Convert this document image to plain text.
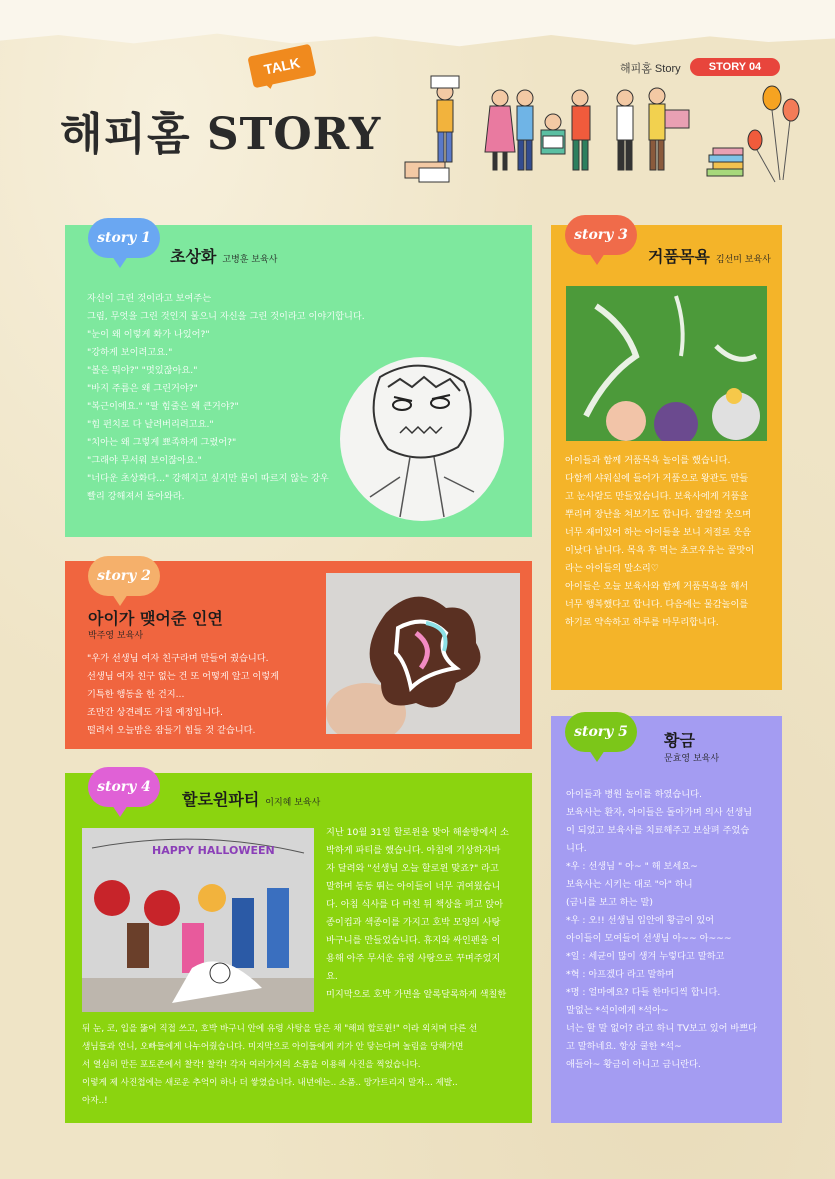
해피홈 Story	STORY 04
TALK
해피홈 STORY
story 1
초상화 고병훈 보육사
자신이 그린 것이라고 보여주는
그림, 무엇을 그린 것인지 물으니 자신을 그린 것이라고 이야기합니다.
"눈이 왜 이렇게 화가 나있어?"
"강하게 보이려고요."
"볼은 뭐야?" "멋있잖아요."
"바지 주름은 왜 그린거야?"
"복근이에요." "팔 힘줄은 왜 큰거야?"
"힘 펀치로 다 날려버리려고요."
"치아는 왜 그렇게 뾰족하게 그렸어?"
"그래야 무서워 보이잖아요."
"너다운 초상화다..." 강해지고 싶지만 몸이 따르지 않는 강우
빨리 강해져서 돌아와라.
story 2
아이가 맺어준 인연
박주영 보육사
"우가 선생님 여자 친구라며 만들어 줬습니다.
선생님 여자 친구 없는 건 또 어떻게 알고 이렇게
기특한 행동을 한 건지...
조만간 상견례도 가질 예정입니다.
떨려서 오늘밤은 잠들기 힘들 것 같습니다.
story 3
거품목욕 김선미 보육사
아이들과 함께 거품목욕 놀이를 했습니다.
다함께 샤워실에 들어가 거품으로 왕관도 만들
고 눈사람도 만들었습니다. 보육사에게 거품을
뿌리며 장난을 쳐보기도 합니다. 깔깔깔 웃으며
너무 재미있어 하는 아이들을 보니 저절로 웃음
이났다 납니다. 목욕 후 먹는 초코우유는 꿀맛이
라는 아이들의 말소리♡
아이들은 오늘 보육사와 함께 거품목욕을 해서
너무 행복했다고 합니다. 다음에는 물감놀이를
하기로 약속하고 하루를 마무리합니다.
story 4
할로윈파티 이지혜 보육사
HAPPY HALLOWEEN
지난 10월 31일 할로윈을 맞아 해솔방에서 소
박하게 파티를 했습니다. 아침에 기상하자마
자 달려와 "선생님 오늘 할로윈 맞죠?" 라고
말하며 동동 뛰는 아이들이 너무 귀여웠습니
다. 아침 식사를 다 마친 뒤 책상을 펴고 앉아
종이컵과 색종이를 가지고 호박 모양의 사탕
바구니를 만들었습니다. 휴지와 싸인펜을 이
용해 아주 무서운 유령 사탕으로 꾸며주었지
요.
미지막으로 호박 가면을 알록달록하게 색칠한
뒤 눈, 코, 입을 뚫어 직접 쓰고, 호박 바구니 안에 유령 사탕을 담은 채 "해피 할로윈!" 이라 외치며 다른 선
생님들과 언니, 오빠들에게 나누어줬습니다. 미지막으로 아이들에게 키가 안 닿는다며 놀림을 당해가면
서 열심히 만든 포토존에서 찰칵! 찰칵! 각자 여러가지의 소품을 이용해 사진을 찍었습니다.
이렇게 제 사진첩에는 새로운 추억이 하나 더 쌓였습니다. 내년에는.. 소품.. 망가트리지 말자... 제발..
아자..!
story 5	황금
문효영 보육사
아이들과 병원 놀이를 하였습니다.
보육사는 환자, 아이들은 돌아가며 의사 선생님
이 되었고 보육사를 치료해주고 보살펴 주었습
니다.
*우 : 선생님 " 아~ " 해 보세요~
보육사는 시키는 대로 "아" 하니
(금니를 보고 하는 말)
*우 : 오!! 선생님 입안에 황금이 있어
아이들이 모여들어 선생님 아~~ 아~~~
*일 : 세균이 많이 생겨 누렇다고 말하고
*혁 : 아프겠다 라고 말하며
*명 : 얼마예요? 다들 한마디씩 합니다.
말없는 *석이에게 *석아~
너는 할 말 없어? 라고 하니 TV보고 있어 바쁘다
고 말하네요. 항상 쿨한 *석~
애들아~ 황금이 아니고 금니란다.
